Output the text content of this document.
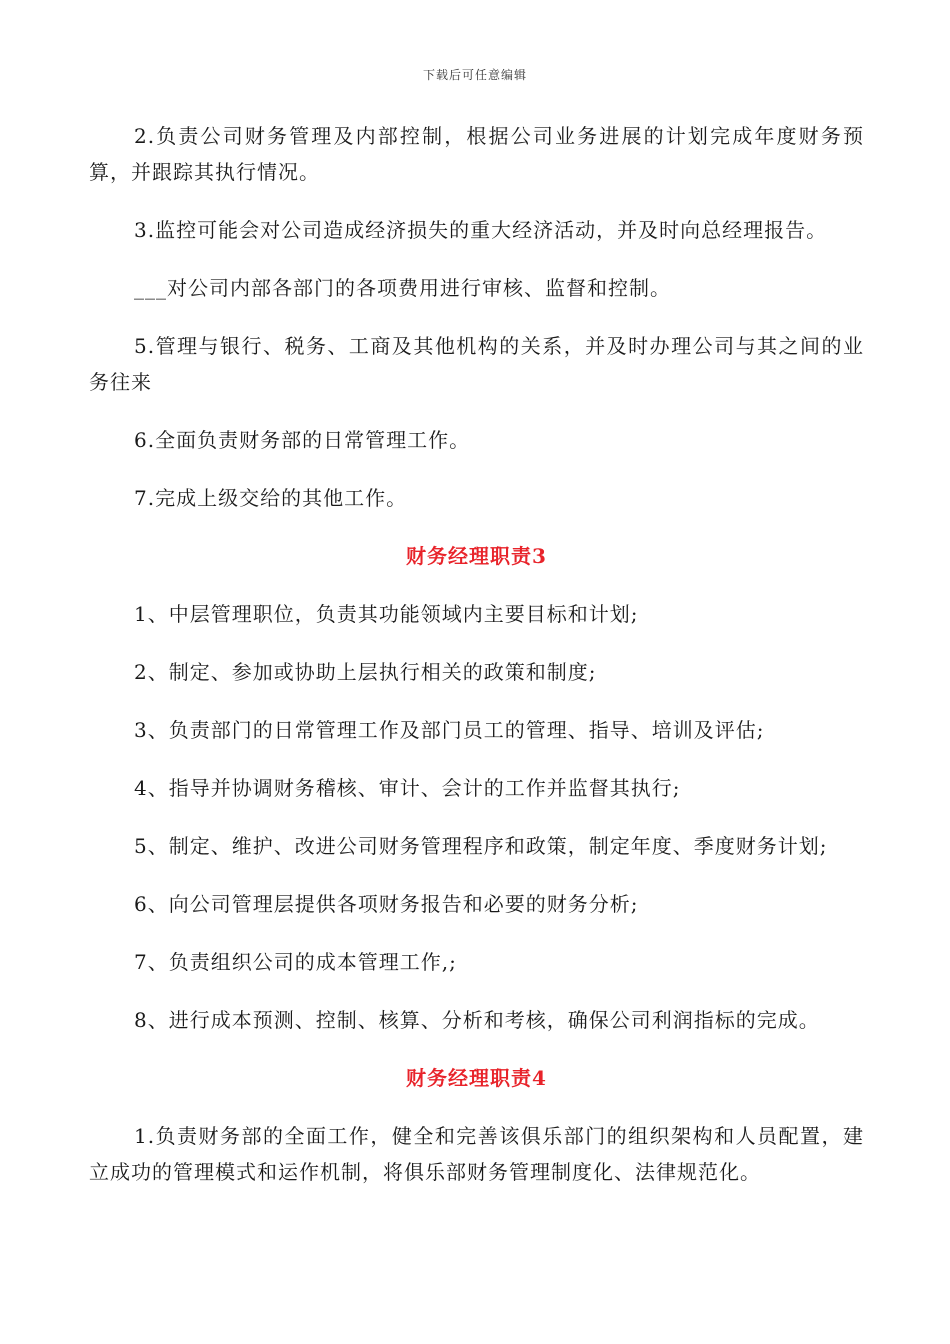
下载后可任意编辑

2.负责公司财务管理及内部控制，根据公司业务进展的计划完成年度财务预算，并跟踪其执行情况。

3.监控可能会对公司造成经济损失的重大经济活动，并及时向总经理报告。

___对公司内部各部门的各项费用进行审核、监督和控制。

5.管理与银行、税务、工商及其他机构的关系，并及时办理公司与其之间的业务往来

6.全面负责财务部的日常管理工作。

7.完成上级交给的其他工作。

财务经理职责3

1、中层管理职位，负责其功能领域内主要目标和计划;

2、制定、参加或协助上层执行相关的政策和制度;

3、负责部门的日常管理工作及部门员工的管理、指导、培训及评估;

4、指导并协调财务稽核、审计、会计的工作并监督其执行;

5、制定、维护、改进公司财务管理程序和政策，制定年度、季度财务计划;

6、向公司管理层提供各项财务报告和必要的财务分析;

7、负责组织公司的成本管理工作,;

8、进行成本预测、控制、核算、分析和考核，确保公司利润指标的完成。

财务经理职责4

1.负责财务部的全面工作，健全和完善该俱乐部门的组织架构和人员配置，建立成功的管理模式和运作机制，将俱乐部财务管理制度化、法律规范化。
